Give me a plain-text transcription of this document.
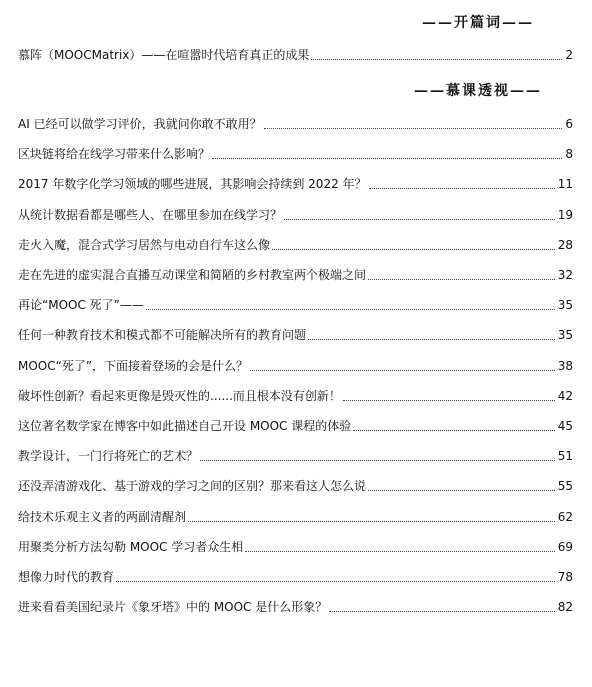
——开篇词——
——慕课透视——
慕阵（MOOCMatrix）——在喧嚣时代培育真正的成果	2
AI 已经可以做学习评价，我就问你敢不敢用？	6
区块链将给在线学习带来什么影响？	8
2017 年数字化学习领域的哪些进展，其影响会持续到 2022 年？	11
从统计数据看都是哪些人、在哪里参加在线学习？	19
走火入魔，混合式学习居然与电动自行车这么像	28
走在先进的虚实混合直播互动课堂和简陋的乡村教室两个极端之间	32
再论“MOOC 死了”——	35
任何一种教育技术和模式都不可能解决所有的教育问题	35
MOOC“死了”，下面接着登场的会是什么？	38
破坏性创新？看起来更像是毁灭性的......而且根本没有创新！	42
这位著名数学家在博客中如此描述自己开设 MOOC 课程的体验	45
教学设计，一门行将死亡的艺术？	51
还没弄清游戏化、基于游戏的学习之间的区别？那来看这人怎么说	55
给技术乐观主义者的两副清醒剂	62
用聚类分析方法勾勒 MOOC 学习者众生相	69
想像力时代的教育	78
进来看看美国纪录片《象牙塔》中的 MOOC 是什么形象？	82
